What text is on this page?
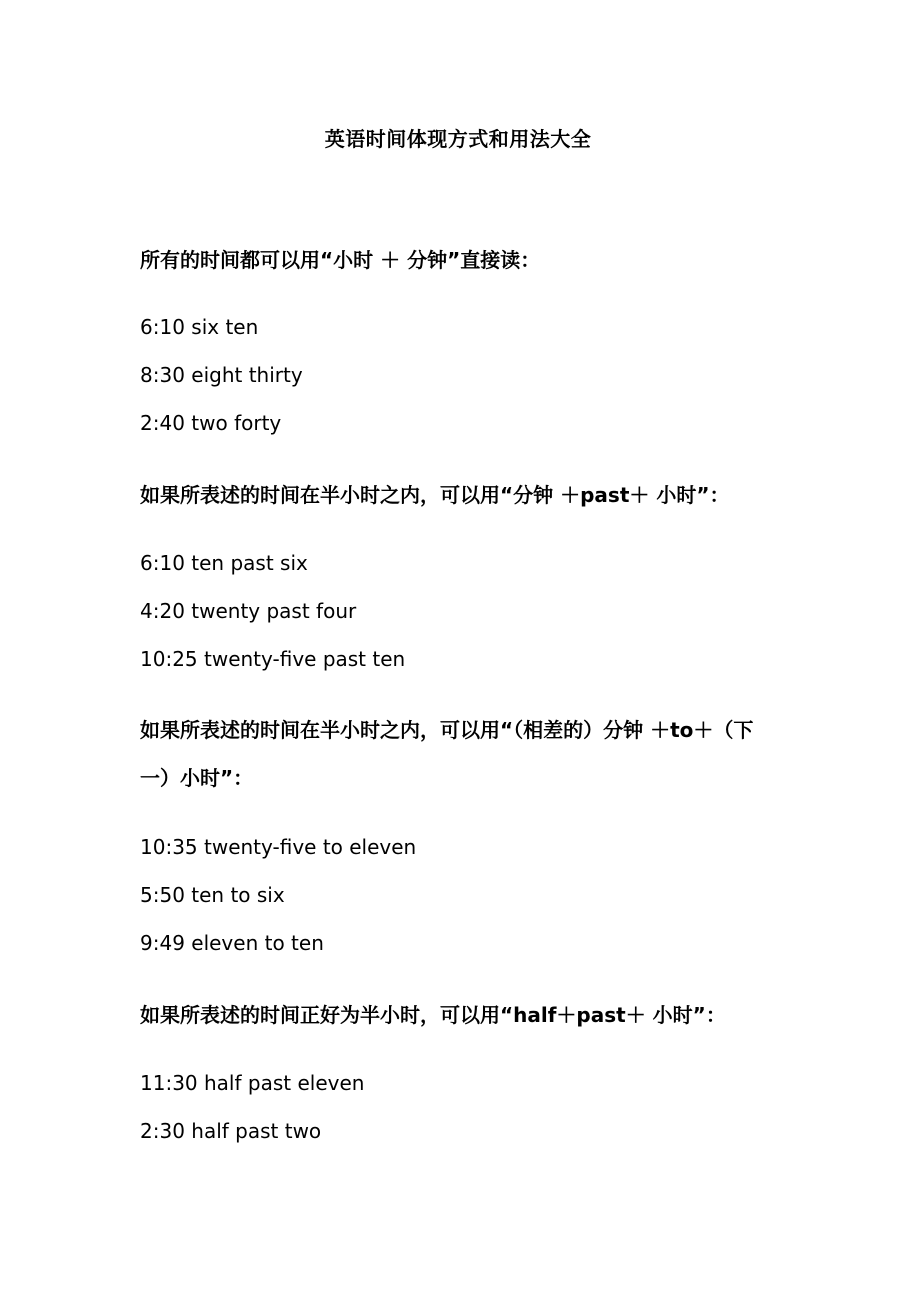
英语时间体现方式和用法大全
所有的时间都可以用“小时 ＋ 分钟”直接读：
6:10 six ten
8:30 eight thirty
2:40 two forty
如果所表述的时间在半小时之内，可以用“分钟 ＋past＋ 小时”：
6:10 ten past six
4:20 twenty past four
10:25 twenty-five past ten
如果所表述的时间在半小时之内，可以用“（相差的）分钟 ＋to＋（下一）小时”：
10:35 twenty-five to eleven
5:50 ten to six
9:49 eleven to ten
如果所表述的时间正好为半小时，可以用“half＋past＋ 小时”：
11:30 half past eleven
2:30 half past two
